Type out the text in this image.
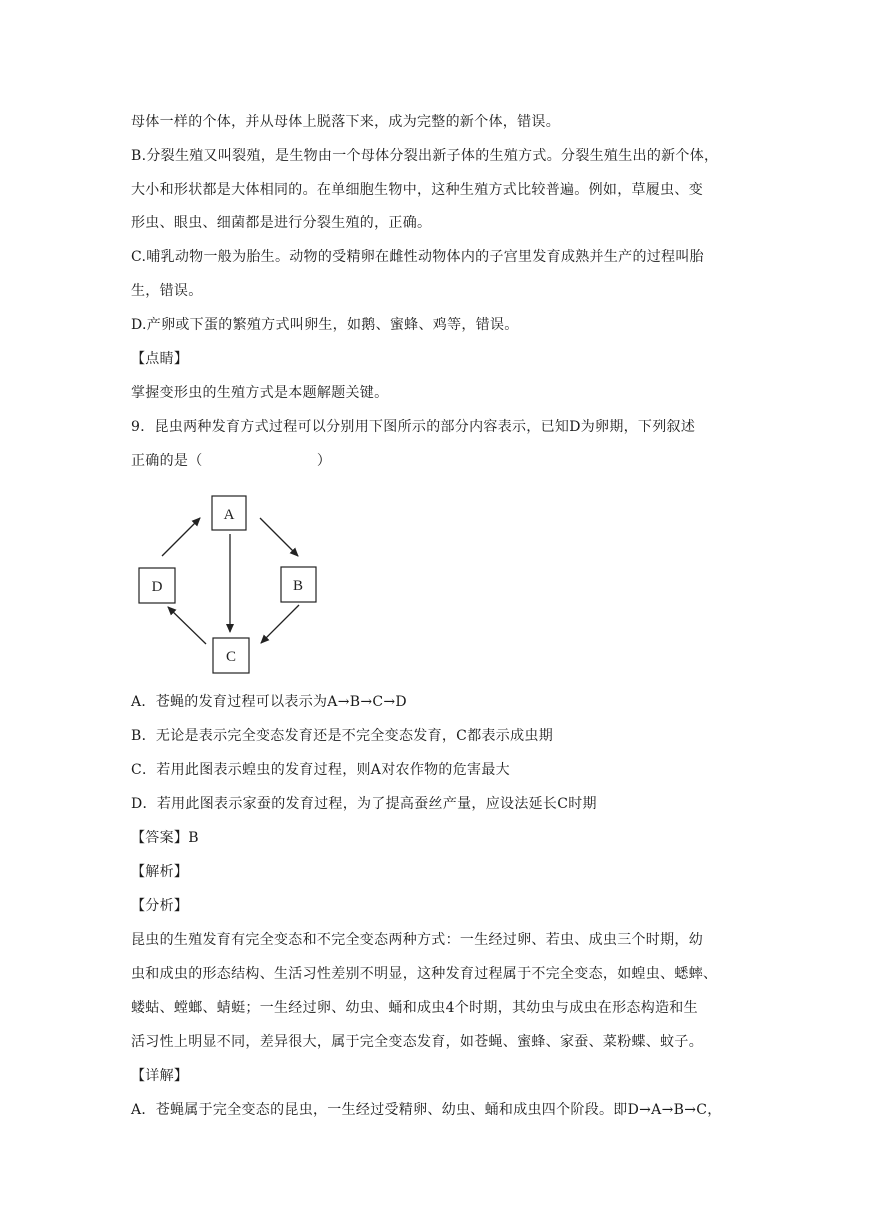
母体一样的个体，并从母体上脱落下来，成为完整的新个体，错误。
B.分裂生殖又叫裂殖，是生物由一个母体分裂出新子体的生殖方式。分裂生殖生出的新个体，
大小和形状都是大体相同的。在单细胞生物中，这种生殖方式比较普遍。例如，草履虫、变
形虫、眼虫、细菌都是进行分裂生殖的，正确。
C.哺乳动物一般为胎生。动物的受精卵在雌性动物体内的子宫里发育成熟并生产的过程叫胎
生，错误。
D.产卵或下蛋的繁殖方式叫卵生，如鹅、蜜蜂、鸡等，错误。
【点睛】
掌握变形虫的生殖方式是本题解题关键。
9．昆虫两种发育方式过程可以分别用下图所示的部分内容表示，已知D为卵期，下列叙述
正确的是（　　　　　　　　）
A
B
C
D
A．苍蝇的发育过程可以表示为A→B→C→D
B．无论是表示完全变态发育还是不完全变态发育，C都表示成虫期
C．若用此图表示蝗虫的发育过程，则A对农作物的危害最大
D．若用此图表示家蚕的发育过程，为了提高蚕丝产量，应设法延长C时期
【答案】B
【解析】
【分析】
昆虫的生殖发育有完全变态和不完全变态两种方式：一生经过卵、若虫、成虫三个时期，幼
虫和成虫的形态结构、生活习性差别不明显，这种发育过程属于不完全变态，如蝗虫、蟋蟀、
蝼蛄、螳螂、蜻蜓；一生经过卵、幼虫、蛹和成虫4个时期，其幼虫与成虫在形态构造和生
活习性上明显不同，差异很大，属于完全变态发育，如苍蝇、蜜蜂、家蚕、菜粉蝶、蚊子。
【详解】
A．苍蝇属于完全变态的昆虫，一生经过受精卵、幼虫、蛹和成虫四个阶段。即D→A→B→C，
